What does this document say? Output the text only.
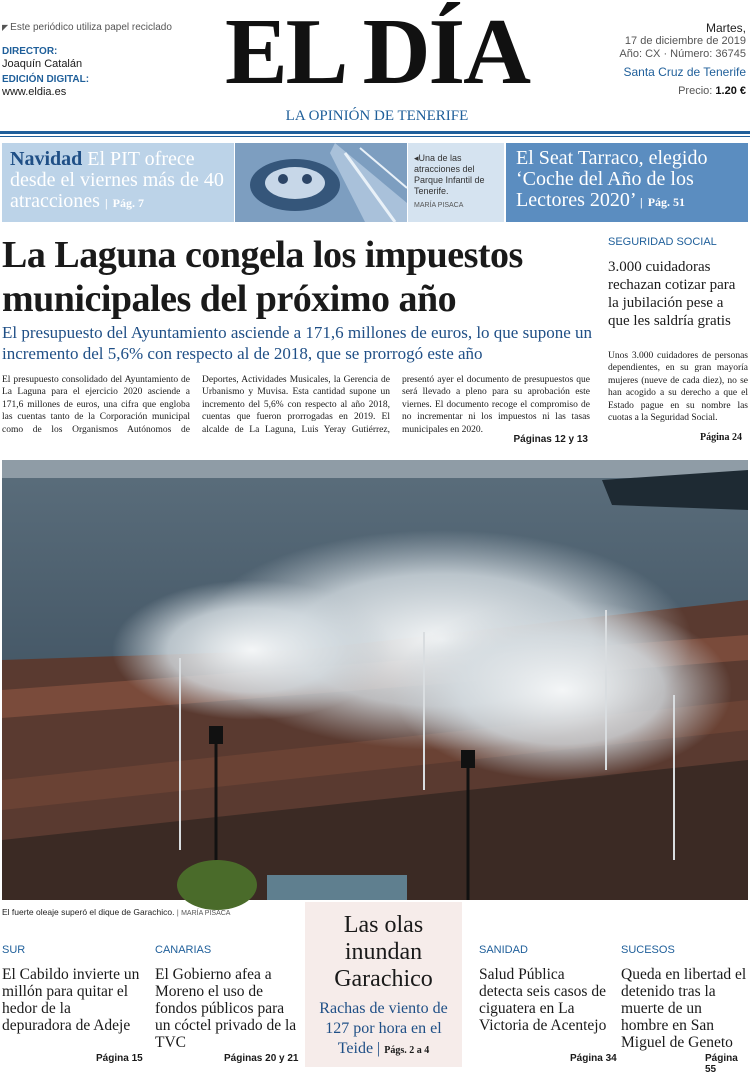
◤ Este periódico utiliza papel reciclado
DIRECTOR:
Joaquín Catalán
EDICIÓN DIGITAL:
www.eldia.es EL DÍA
LA OPINIÓN DE TENERIFE
Martes,
17 de diciembre de 2019
Año: CX · Número: 36745
Santa Cruz de Tenerife
Precio: 1.20 €
Navidad El PIT ofrece desde el viernes más de 40 atracciones | Pág. 7
◂Una de las atracciones del Parque Infantil de Tenerife.
MARÍA PISACA
El Seat Tarraco, elegido ‘Coche del Año de los Lectores 2020’ | Pág. 51
La Laguna congela los impuestos municipales del próximo año
El presupuesto del Ayuntamiento asciende a 171,6 millones de euros, lo que supone un incremento del 5,6% con respecto al de 2018, que se prorrogó este año
El presupuesto consolidado del Ayuntamiento de La Laguna para el ejercicio 2020 asciende a 171,6 millones de euros, una cifra que engloba las cuentas tanto de la Corporación municipal como de los Organismos Autónomos de Deportes, Actividades Musicales, la Gerencia de Urbanismo y Muvisa. Esta cantidad supone un incremento del 5,6% con respecto al año 2018, cuentas que fueron prorrogadas en 2019. El alcalde de La Laguna, Luis Yeray Gutiérrez, presentó ayer el documento de presupuestos que será llevado a pleno para su aprobación este viernes. El documento recoge el compromiso de no incrementar ni los impuestos ni las tasas municipales en 2020.
Páginas 12 y 13
SEGURIDAD SOCIAL
3.000 cuidadoras rechazan cotizar para la jubilación pese a que les saldría gratis
Unos 3.000 cuidadores de personas dependientes, en su gran mayoría mujeres (nueve de cada diez), no se han acogido a su derecho a que el Estado pague en su nombre las cuotas a la Seguridad Social.
Página 24
El fuerte oleaje superó el dique de Garachico. | MARÍA PISACA	Las olas inundan Garachico
Rachas de viento de 127 por hora en el Teide | Págs. 2 a 4
SUR
El Cabildo invierte un millón para quitar el hedor de la depuradora de Adeje
Página 15
CANARIAS
El Gobierno afea a Moreno el uso de fondos públicos para un cóctel privado de la TVC
Páginas 20 y 21
SANIDAD
Salud Pública detecta seis casos de ciguatera en La Victoria de Acentejo
Página 34
SUCESOS
Queda en libertad el detenido tras la muerte de un hombre en San Miguel de Geneto
Página 55
